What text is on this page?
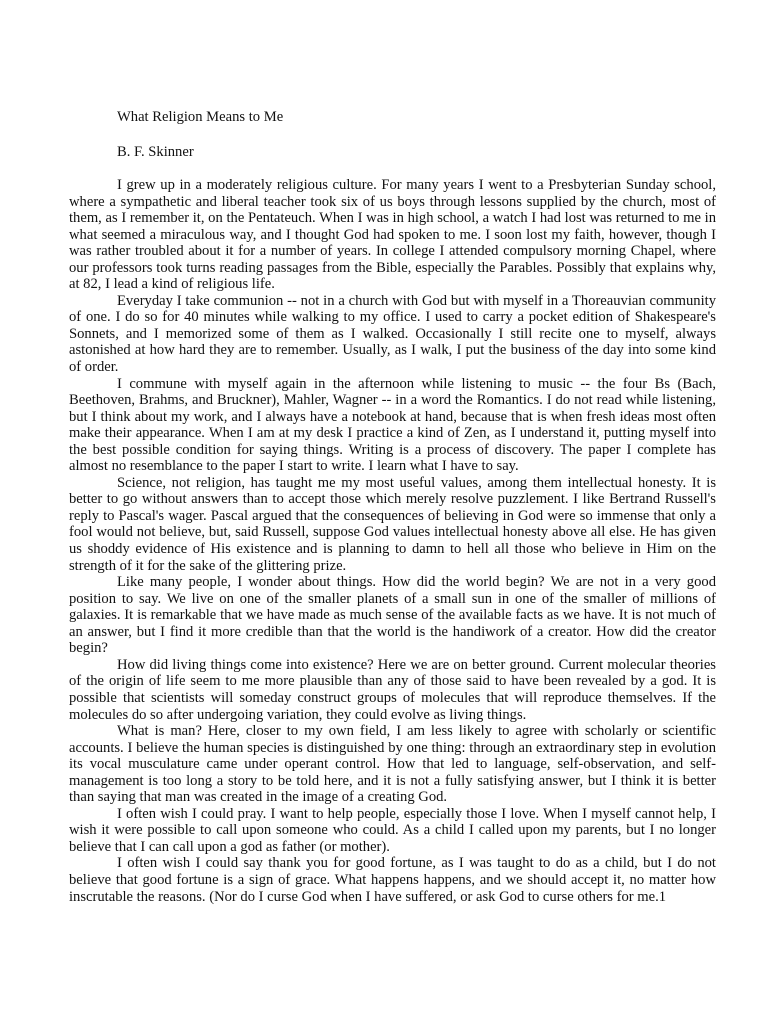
What Religion Means to Me
B. F. Skinner

I grew up in a moderately religious culture. For many years I went to a Presbyterian Sunday school, where a sympathetic and liberal teacher took six of us boys through lessons supplied by the church, most of them, as I remember it, on the Pentateuch. When I was in high school, a watch I had lost was returned to me in what seemed a miraculous way, and I thought God had spoken to me. I soon lost my faith, however, though I was rather troubled about it for a number of years. In college I attended compulsory morning Chapel, where our professors took turns reading passages from the Bible, especially the Parables. Possibly that explains why, at 82, I lead a kind of religious life.

Everyday I take communion -- not in a church with God but with myself in a Thoreauvian community of one. I do so for 40 minutes while walking to my office. I used to carry a pocket edition of Shakespeare's Sonnets, and I memorized some of them as I walked. Occasionally I still recite one to myself, always astonished at how hard they are to remember. Usually, as I walk, I put the business of the day into some kind of order.

I commune with myself again in the afternoon while listening to music -- the four Bs (Bach, Beethoven, Brahms, and Bruckner), Mahler, Wagner -- in a word the Romantics. I do not read while listening, but I think about my work, and I always have a notebook at hand, because that is when fresh ideas most often make their appearance. When I am at my desk I practice a kind of Zen, as I understand it, putting myself into the best possible condition for saying things. Writing is a process of discovery. The paper I complete has almost no resemblance to the paper I start to write. I learn what I have to say.

Science, not religion, has taught me my most useful values, among them intellectual honesty. It is better to go without answers than to accept those which merely resolve puzzlement. I like Bertrand Russell's reply to Pascal's wager. Pascal argued that the consequences of believing in God were so immense that only a fool would not believe, but, said Russell, suppose God values intellectual honesty above all else. He has given us shoddy evidence of His existence and is planning to damn to hell all those who believe in Him on the strength of it for the sake of the glittering prize.

Like many people, I wonder about things. How did the world begin? We are not in a very good position to say. We live on one of the smaller planets of a small sun in one of the smaller of millions of galaxies. It is remarkable that we have made as much sense of the available facts as we have. It is not much of an answer, but I find it more credible than that the world is the handiwork of a creator. How did the creator begin?

How did living things come into existence? Here we are on better ground. Current molecular theories of the origin of life seem to me more plausible than any of those said to have been revealed by a god. It is possible that scientists will someday construct groups of molecules that will reproduce themselves. If the molecules do so after undergoing variation, they could evolve as living things.

What is man? Here, closer to my own field, I am less likely to agree with scholarly or scientific accounts. I believe the human species is distinguished by one thing: through an extraordinary step in evolution its vocal musculature came under operant control. How that led to language, self-observation, and self-management is too long a story to be told here, and it is not a fully satisfying answer, but I think it is better than saying that man was created in the image of a creating God.

I often wish I could pray. I want to help people, especially those I love. When I myself cannot help, I wish it were possible to call upon someone who could. As a child I called upon my parents, but I no longer believe that I can call upon a god as father (or mother).

I often wish I could say thank you for good fortune, as I was taught to do as a child, but I do not believe that good fortune is a sign of grace. What happens happens, and we should accept it, no matter how inscrutable the reasons. (Nor do I curse God when I have suffered, or ask God to curse others for me.1
